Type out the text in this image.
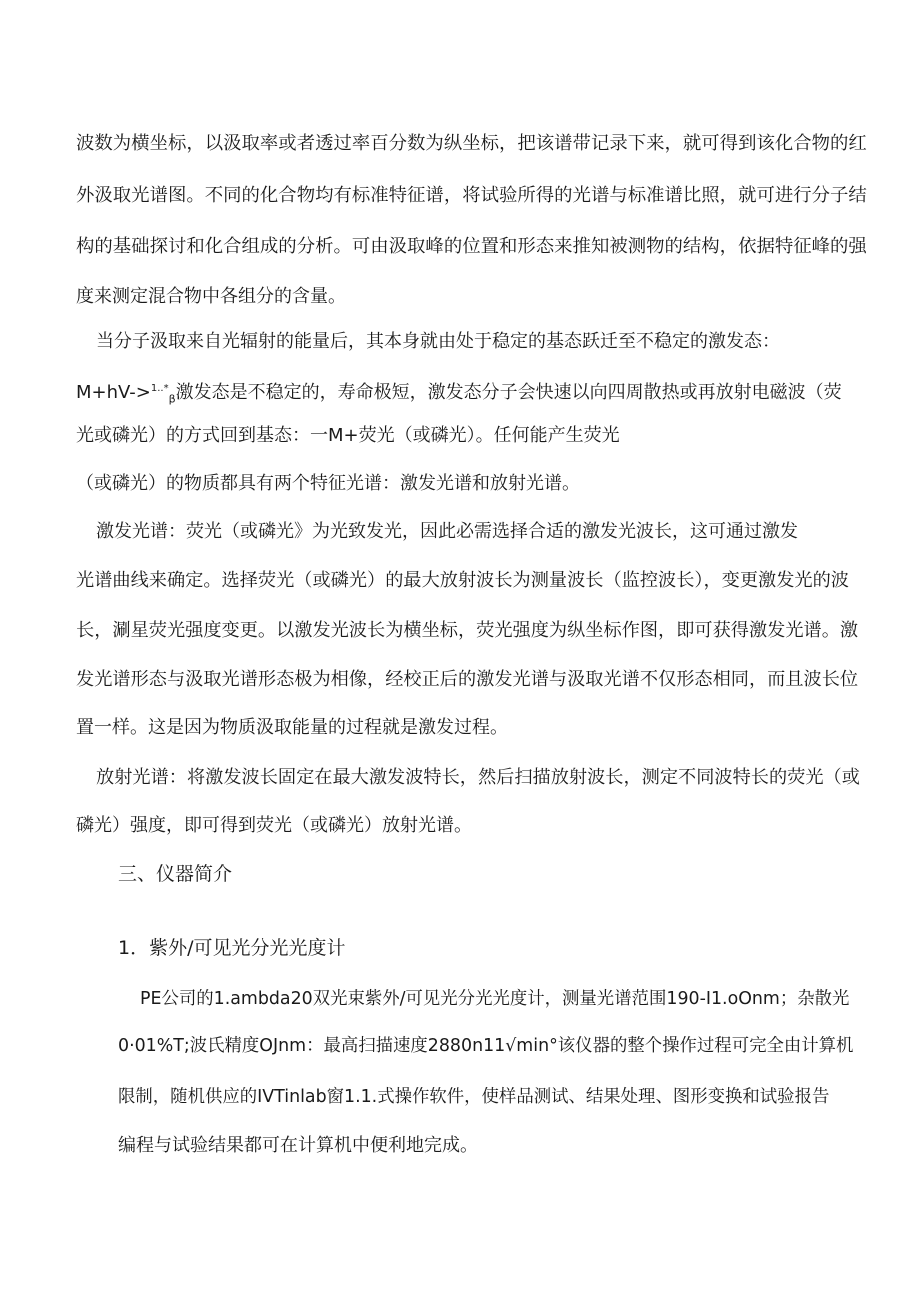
波数为横坐标，以汲取率或者透过率百分数为纵坐标，把该谱带记录下来，就可得到该化合物的红
外汲取光谱图。不同的化合物均有标准特征谱，将试验所得的光谱与标准谱比照，就可进行分子结
构的基础探讨和化合组成的分析。可由汲取峰的位置和形态来推知被测物的结构，依据特征峰的强
度来测定混合物中各组分的含量。
当分子汲取来自光辐射的能量后，其本身就由处于稳定的基态跃迁至不稳定的激发态：
M+hV->$^{1..*}_\beta$激发态是不稳定的，寿命极短，激发态分子会快速以向四周散热或再放射电磁波（荧
光或磷光）的方式回到基态：一M+荧光（或磷光）。任何能产生荧光
（或磷光）的物质都具有两个特征光谱：激发光谱和放射光谱。
激发光谱：荧光（或磷光》为光致发光，因此必需选择合适的激发光波长，这可通过激发
光谱曲线来确定。选择荧光（或磷光）的最大放射波长为测量波长（监控波长），变更激发光的波
长，涮星荧光强度变更。以激发光波长为横坐标，荧光强度为纵坐标作图，即可获得激发光谱。激
发光谱形态与汲取光谱形态极为相像，经校正后的激发光谱与汲取光谱不仅形态相同，而且波长位
置一样。这是因为物质汲取能量的过程就是激发过程。
放射光谱：将激发波长固定在最大激发波特长，然后扫描放射波长，测定不同波特长的荧光（或
磷光）强度，即可得到荧光（或磷光）放射光谱。
三、仪器简介
1．紫外/可见光分光光度计
PE公司的1.ambda20双光束紫外/可见光分光光度计，测量光谱范围190-I1.oOnm；杂散光
0·01%T;波氏精度OJnm：最高扫描速度2880n11√min°该仪器的整个操作过程可完全由计算机
限制，随机供应的IVTinlab窗1.1.式操作软件，使样品测试、结果处理、图形变换和试验报告
编程与试验结果都可在计算机中便利地完成。
